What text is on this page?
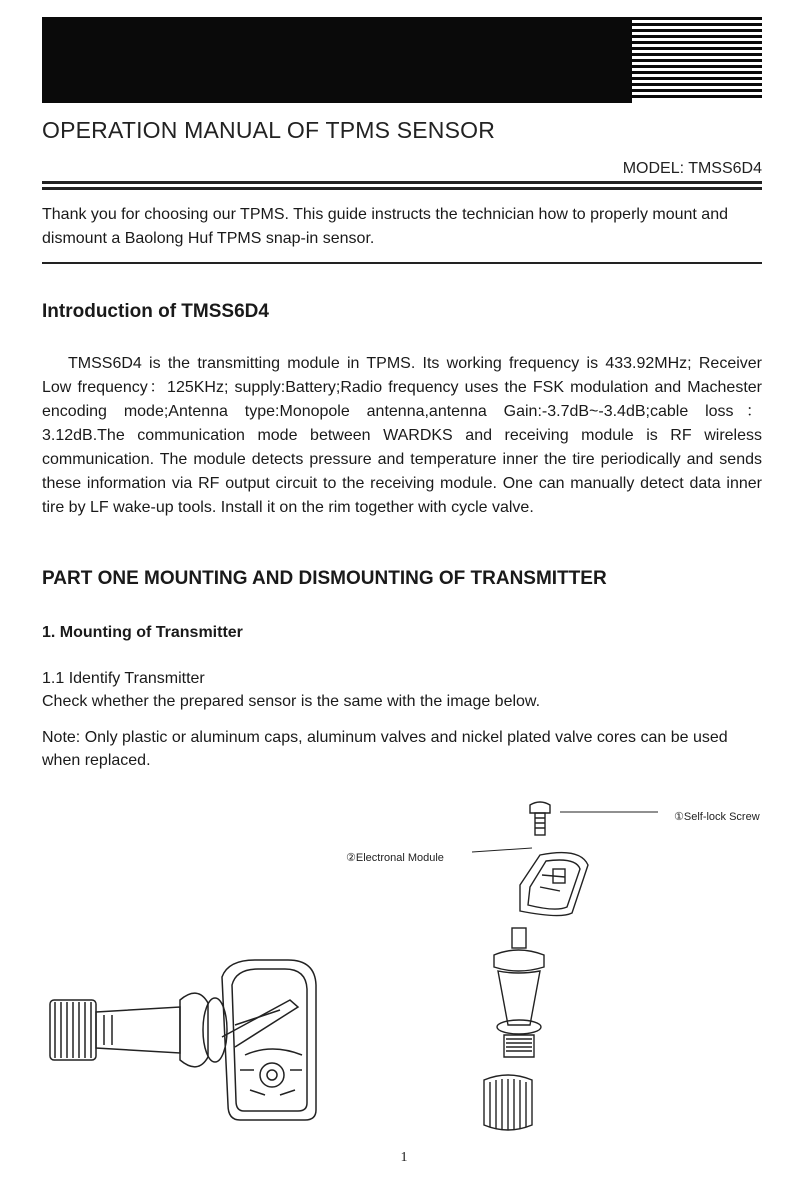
OPERATION MANUAL OF TPMS SENSOR
MODEL: TMSS6D4
Thank you for choosing our TPMS. This guide instructs the technician how to properly mount and dismount a Baolong Huf TPMS snap-in sensor.
Introduction of TMSS6D4
TMSS6D4 is the transmitting module in TPMS. Its working frequency is 433.92MHz; Receiver Low frequency：125KHz; supply:Battery;Radio frequency uses the FSK modulation and Machester encoding mode;Antenna type:Monopole antenna,antenna Gain:-3.7dB~-3.4dB;cable loss：3.12dB.The communication mode between WARDKS and receiving module is RF wireless communication. The module detects pressure and temperature inner the tire periodically and sends these information via RF output circuit to the receiving module. One can manually detect data inner tire by LF wake-up tools. Install it on the rim together with cycle valve.
PART ONE MOUNTING AND DISMOUNTING OF TRANSMITTER
1. Mounting of Transmitter
1.1 Identify Transmitter
Check whether the prepared sensor is the same with the image below.
Note: Only plastic or aluminum caps, aluminum valves and nickel plated valve cores can be used when replaced.
①Self-lock Screw
②Electronal Module
1
